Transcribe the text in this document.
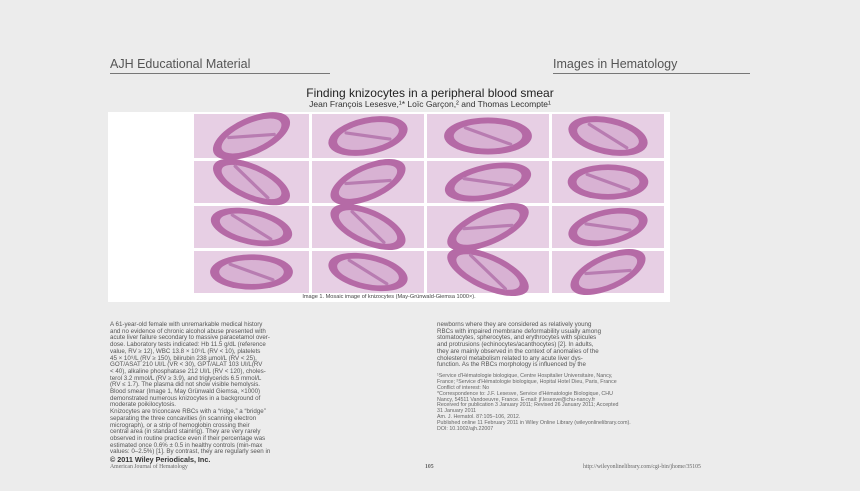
AJH Educational Material	Images in Hematology
Finding knizocytes in a peripheral blood smear
Jean François Lesesve,¹* Loïc Garçon,² and Thomas Lecompte¹
Image 1. Mosaic image of knizocytes (May-Grünwald-Giemsa 1000×).

A 61-year-old female with unremarkable medical history

and no evidence of chronic alcohol abuse presented with

acute liver failure secondary to massive paracetamol over-

dose. Laboratory tests indicated: Hb 11.5 g/dL (reference

value, RV ≥ 12), WBC 13.8 × 10⁹/L (RV < 10), platelets

45 × 10⁹/L (RV ≥ 150), bilirubin 238 µmol/L (RV < 25),

GOT/ASAT 210 UI/L (VR < 30), GPT/ALAT 103 UI/L(RV

< 40), alkaline phosphatase 212 UI/L (RV < 120), choles-

terol 3.2 mmol/L (RV ≥ 3.9), and triglycerids 6.5 mmol/L

(RV ≤ 1.7). The plasma did not show visible hemolysis.

Blood smear (Image 1, May Grünwald Giemsa, ×1000)

demonstrated numerous knizocytes in a background of

moderate poikilocytosis.

Knizocytes are triconcave RBCs with a “ridge,” a “bridge”

separating the three concavities (in scanning electron

micrograph), or a strip of hemoglobin crossing their

central area (in standard staining). They are very rarely

observed in routine practice even if their percentage was

estimated once 0.6% ± 0.5 in healthy controls (min-max

values: 0–2.5%) [1]. By contrast, they are regularly seen in

© 2011 Wiley Periodicals, Inc.

newborns where they are considered as relatively young

RBCs with impaired membrane deformability usually among

stomatocytes, spherocytes, and erythrocytes with spicules

and protrusions (echinocytes/acanthocytes) [2]. In adults,

they are mainly observed in the context of anomalies of the

cholesterol metabolism related to any acute liver dys-

function. As the RBCs morphology is influenced by the

¹Service d'Hématologie biologique, Centre Hospitalier Universitaire, Nancy,

France; ²Service d'Hématologie biologique, Hopital Hotel Dieu, Paris, France

Conflict of interest: No

*Correspondence to: J.F. Lesesve, Service d'Hématologie Biologique, CHU

Nancy, 54511 Vandoeuvre, France. E-mail: jf.lesesve@chu-nancy.fr

Received for publication 3 January 2011; Revised 26 January 2011; Accepted

31 January 2011

Am. J. Hematol. 87:105–106, 2012.

Published online 11 February 2011 in Wiley Online Library (wileyonlinelibrary.com).

DOI: 10.1002/ajh.22007

American Journal of Hematology	105	http://wileyonlinelibrary.com/cgi-bin/jhome/35105
